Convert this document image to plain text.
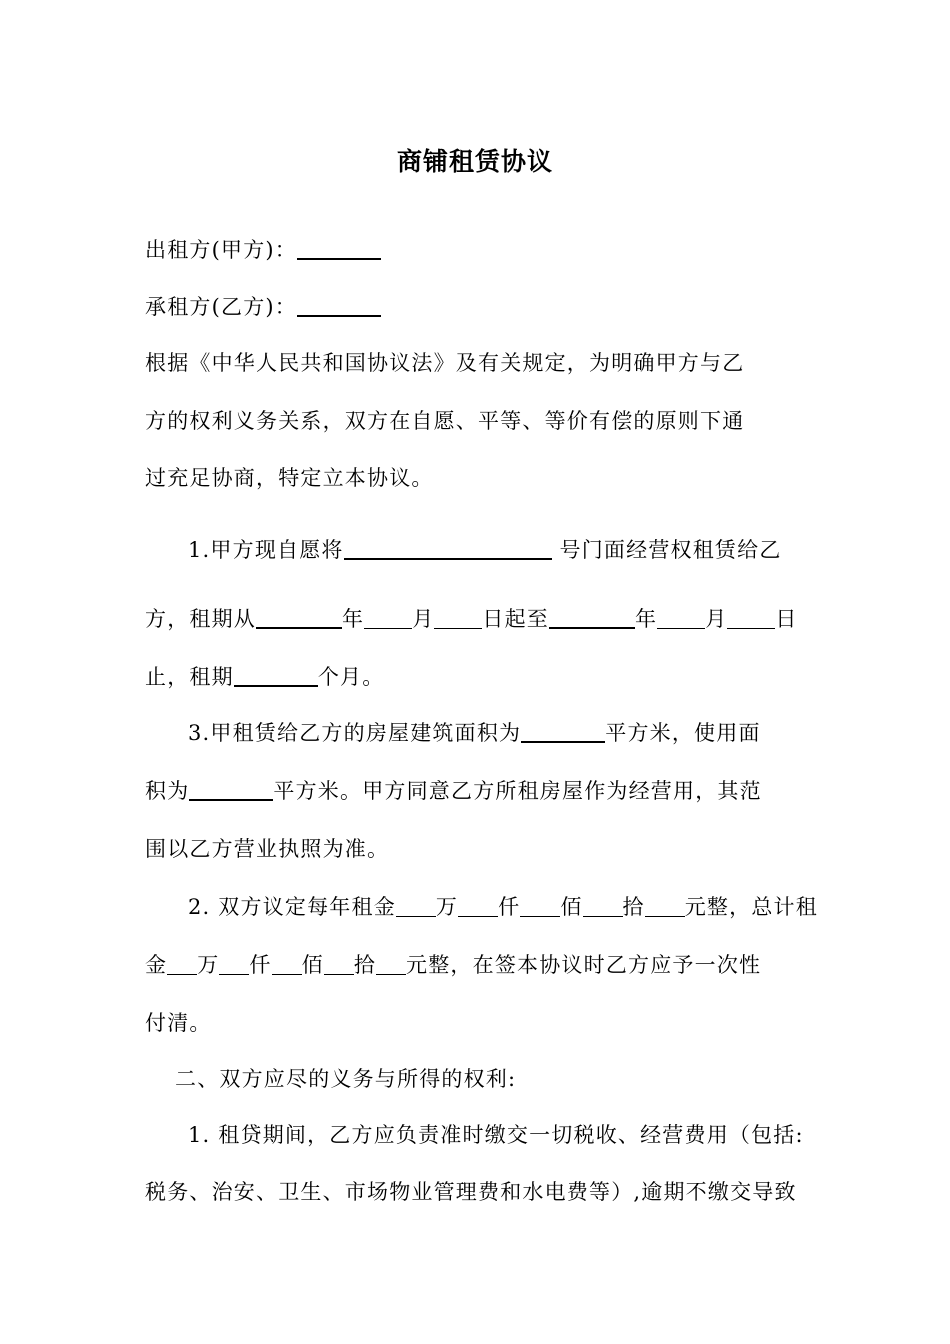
商铺租赁协议
出租方(甲方)：
承租方(乙方)：
根据《中华人民共和国协议法》及有关规定，为明确甲方与乙
方的权利义务关系，双方在自愿、平等、等价有偿的原则下通
过充足协商，特定立本协议。
1.甲方现自愿将	号门面经营权租赁给乙
方，租期从	年 月 日起至	年 月 日
止，租期	个月。
3.甲租赁给乙方的房屋建筑面积为	平方米，使用面
积为	平方米。甲方同意乙方所租房屋作为经营用，其范
围以乙方营业执照为准。
2. 双方议定每年租金 万 仟 佰 拾 元整，总计租
金 万 仟 佰 拾 元整，在签本协议时乙方应予一次性
付清。
二、双方应尽的义务与所得的权利:
1. 租贷期间，乙方应负责准时缴交一切税收、经营费用（包括:
税务、治安、卫生、市场物业管理费和水电费等）,逾期不缴交导致
